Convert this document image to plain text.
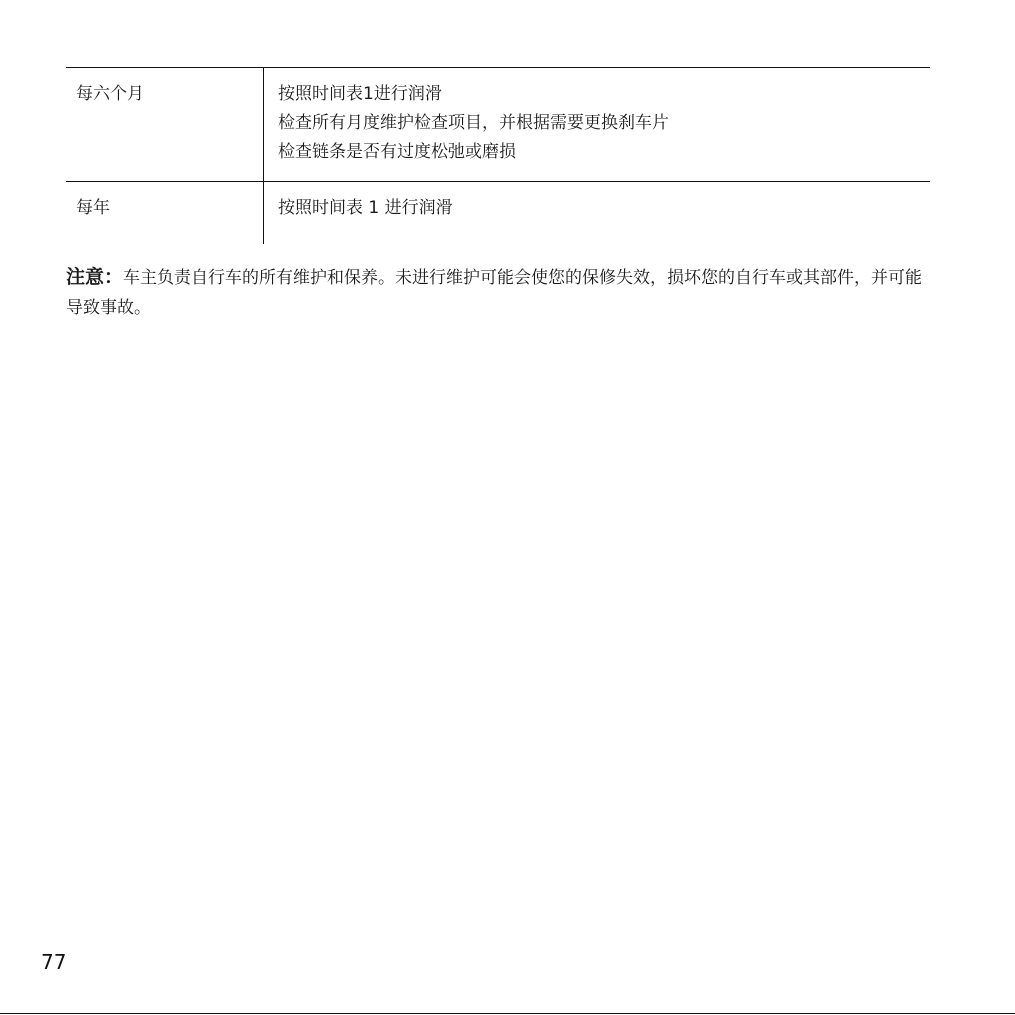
每六个月	按照时间表1进行润滑
检查所有月度维护检查项目，并根据需要更换刹车片
检查链条是否有过度松弛或磨损
每年	按照时间表 1 进行润滑
注意：车主负责自行车的所有维护和保养。未进行维护可能会使您的保修失效，损坏您的自行车或其部件，并可能导致事故。
77
